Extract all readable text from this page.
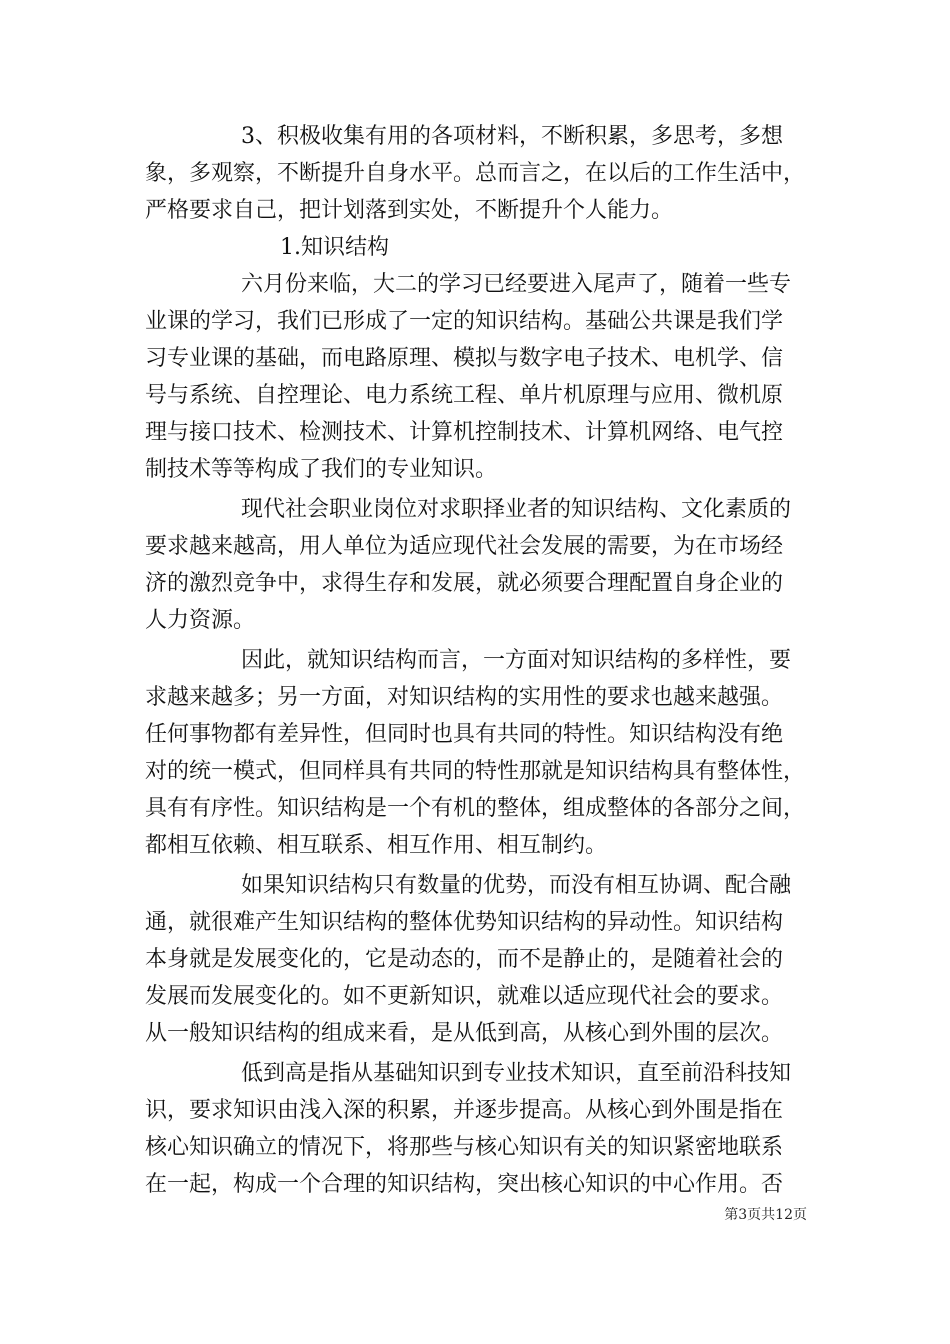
3、积极收集有用的各项材料，不断积累，多思考，多想
象，多观察，不断提升自身水平。总而言之，在以后的工作生活中，
严格要求自己，把计划落到实处，不断提升个人能力。
1.知识结构
六月份来临，大二的学习已经要进入尾声了，随着一些专
业课的学习，我们已形成了一定的知识结构。基础公共课是我们学
习专业课的基础，而电路原理、模拟与数字电子技术、电机学、信
号与系统、自控理论、电力系统工程、单片机原理与应用、微机原
理与接口技术、检测技术、计算机控制技术、计算机网络、电气控
制技术等等构成了我们的专业知识。
现代社会职业岗位对求职择业者的知识结构、文化素质的
要求越来越高，用人单位为适应现代社会发展的需要，为在市场经
济的激烈竞争中，求得生存和发展，就必须要合理配置自身企业的
人力资源。
因此，就知识结构而言，一方面对知识结构的多样性，要
求越来越多；另一方面，对知识结构的实用性的要求也越来越强。
任何事物都有差异性，但同时也具有共同的特性。知识结构没有绝
对的统一模式，但同样具有共同的特性那就是知识结构具有整体性，
具有有序性。知识结构是一个有机的整体，组成整体的各部分之间，
都相互依赖、相互联系、相互作用、相互制约。
如果知识结构只有数量的优势，而没有相互协调、配合融
通，就很难产生知识结构的整体优势知识结构的异动性。知识结构
本身就是发展变化的，它是动态的，而不是静止的，是随着社会的
发展而发展变化的。如不更新知识，就难以适应现代社会的要求。
从一般知识结构的组成来看，是从低到高，从核心到外围的层次。
低到高是指从基础知识到专业技术知识，直至前沿科技知
识，要求知识由浅入深的积累，并逐步提高。从核心到外围是指在
核心知识确立的情况下，将那些与核心知识有关的知识紧密地联系
在一起，构成一个合理的知识结构，突出核心知识的中心作用。否
第3页共12页
